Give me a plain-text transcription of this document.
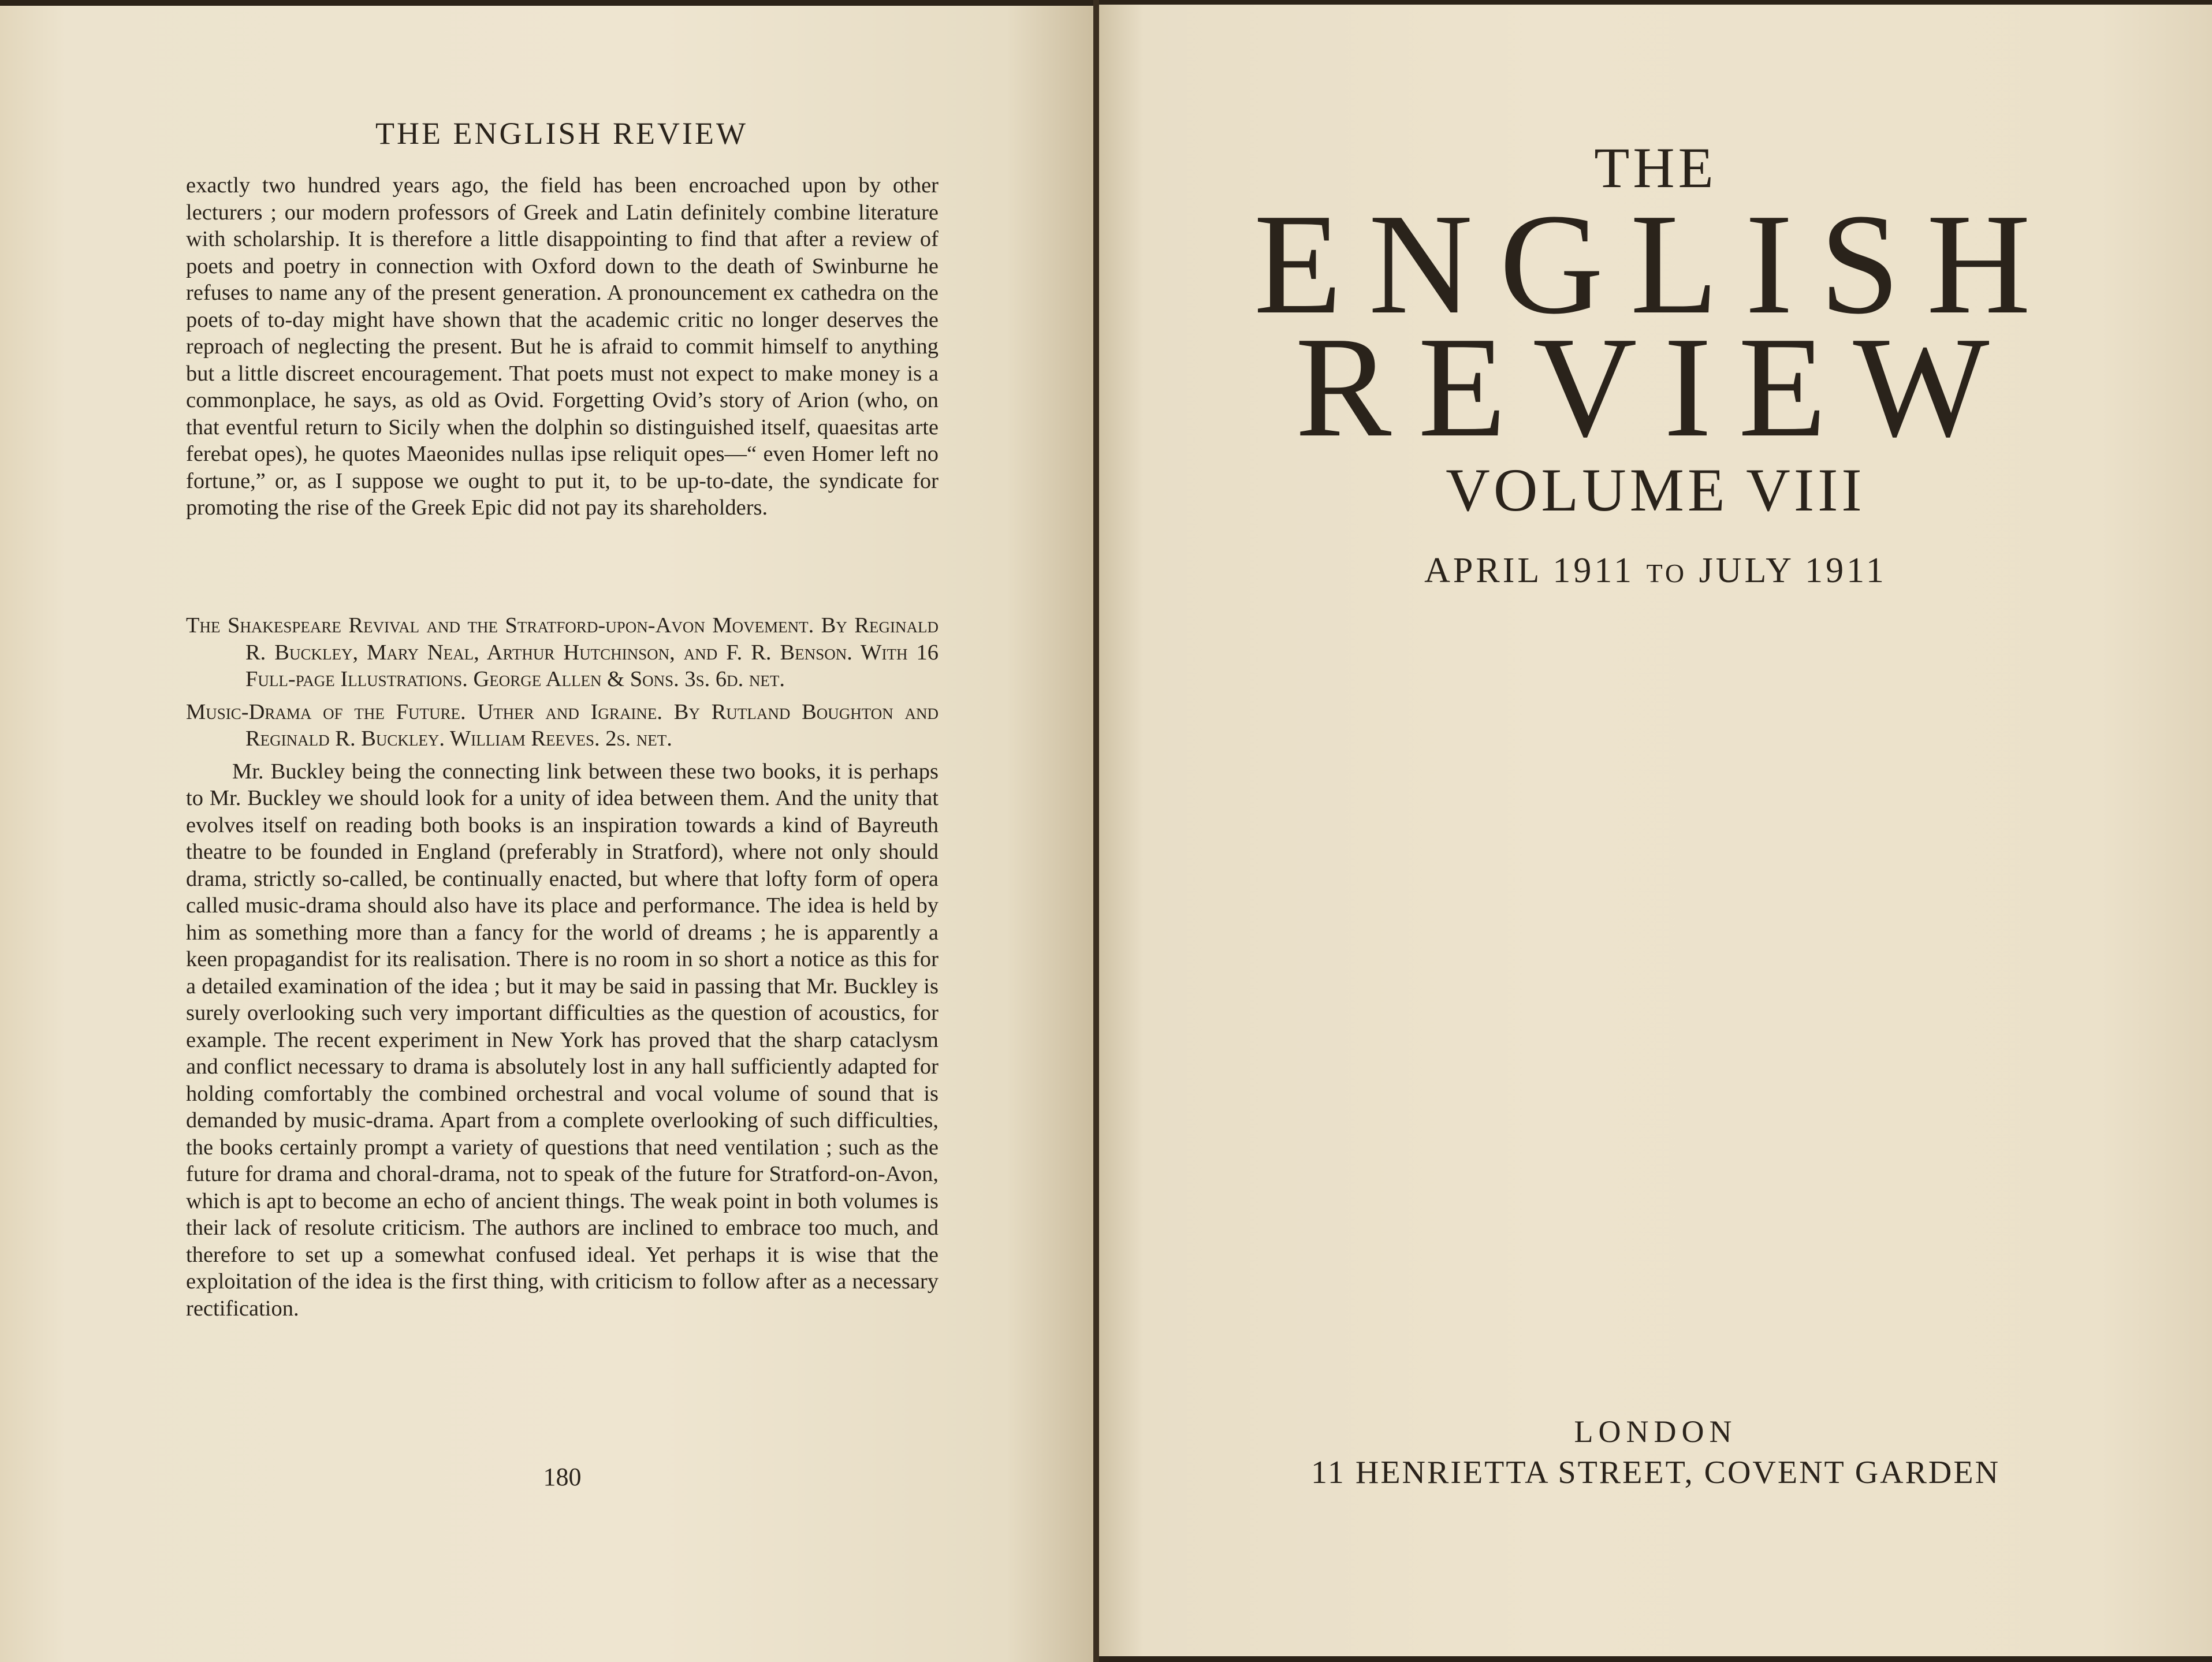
THE ENGLISH REVIEW

exactly two hundred years ago, the field has been encroached upon by other lecturers ; our modern professors of Greek and Latin definitely combine literature with scholarship. It is therefore a little disappointing to find that after a review of poets and poetry in connection with Oxford down to the death of Swinburne he refuses to name any of the present generation. A pronouncement ex cathedra on the poets of to-day might have shown that the academic critic no longer deserves the reproach of neglecting the present. But he is afraid to commit himself to anything but a little discreet encouragement. That poets must not expect to make money is a commonplace, he says, as old as Ovid. Forgetting Ovid’s story of Arion (who, on that eventful return to Sicily when the dolphin so distinguished itself, quaesitas arte ferebat opes), he quotes Maeonides nullas ipse reliquit opes—“ even Homer left no fortune,” or, as I suppose we ought to put it, to be up-to-date, the syndicate for promoting the rise of the Greek Epic did not pay its shareholders.

The Shakespeare Revival and the Stratford-upon-Avon Movement. By Reginald R. Buckley, Mary Neal, Arthur Hutchinson, and F. R. Benson. With 16 Full-page Illustrations. George Allen & Sons. 3s. 6d. net.

Music-Drama of the Future. Uther and Igraine. By Rutland Boughton and Reginald R. Buckley. William Reeves. 2s. net.

Mr. Buckley being the connecting link between these two books, it is perhaps to Mr. Buckley we should look for a unity of idea between them. And the unity that evolves itself on reading both books is an inspiration towards a kind of Bayreuth theatre to be founded in England (preferably in Stratford), where not only should drama, strictly so-called, be continually enacted, but where that lofty form of opera called music-drama should also have its place and performance. The idea is held by him as something more than a fancy for the world of dreams ; he is apparently a keen propagandist for its realisation. There is no room in so short a notice as this for a detailed examination of the idea ; but it may be said in passing that Mr. Buckley is surely overlooking such very important difficulties as the question of acoustics, for example. The recent experiment in New York has proved that the sharp cataclysm and conflict necessary to drama is absolutely lost in any hall sufficiently adapted for holding comfortably the combined orchestral and vocal volume of sound that is demanded by music-drama. Apart from a complete overlooking of such difficulties, the books certainly prompt a variety of questions that need ventilation ; such as the future for drama and choral-drama, not to speak of the future for Stratford-on-Avon, which is apt to become an echo of ancient things. The weak point in both volumes is their lack of resolute criticism. The authors are inclined to embrace too much, and therefore to set up a somewhat confused ideal. Yet perhaps it is wise that the exploitation of the idea is the first thing, with criticism to follow after as a necessary rectification.

180
THE
ENGLISH
REVIEW
VOLUME VIII
APRIL 1911 TO JULY 1911
LONDON
11 HENRIETTA STREET, COVENT GARDEN
